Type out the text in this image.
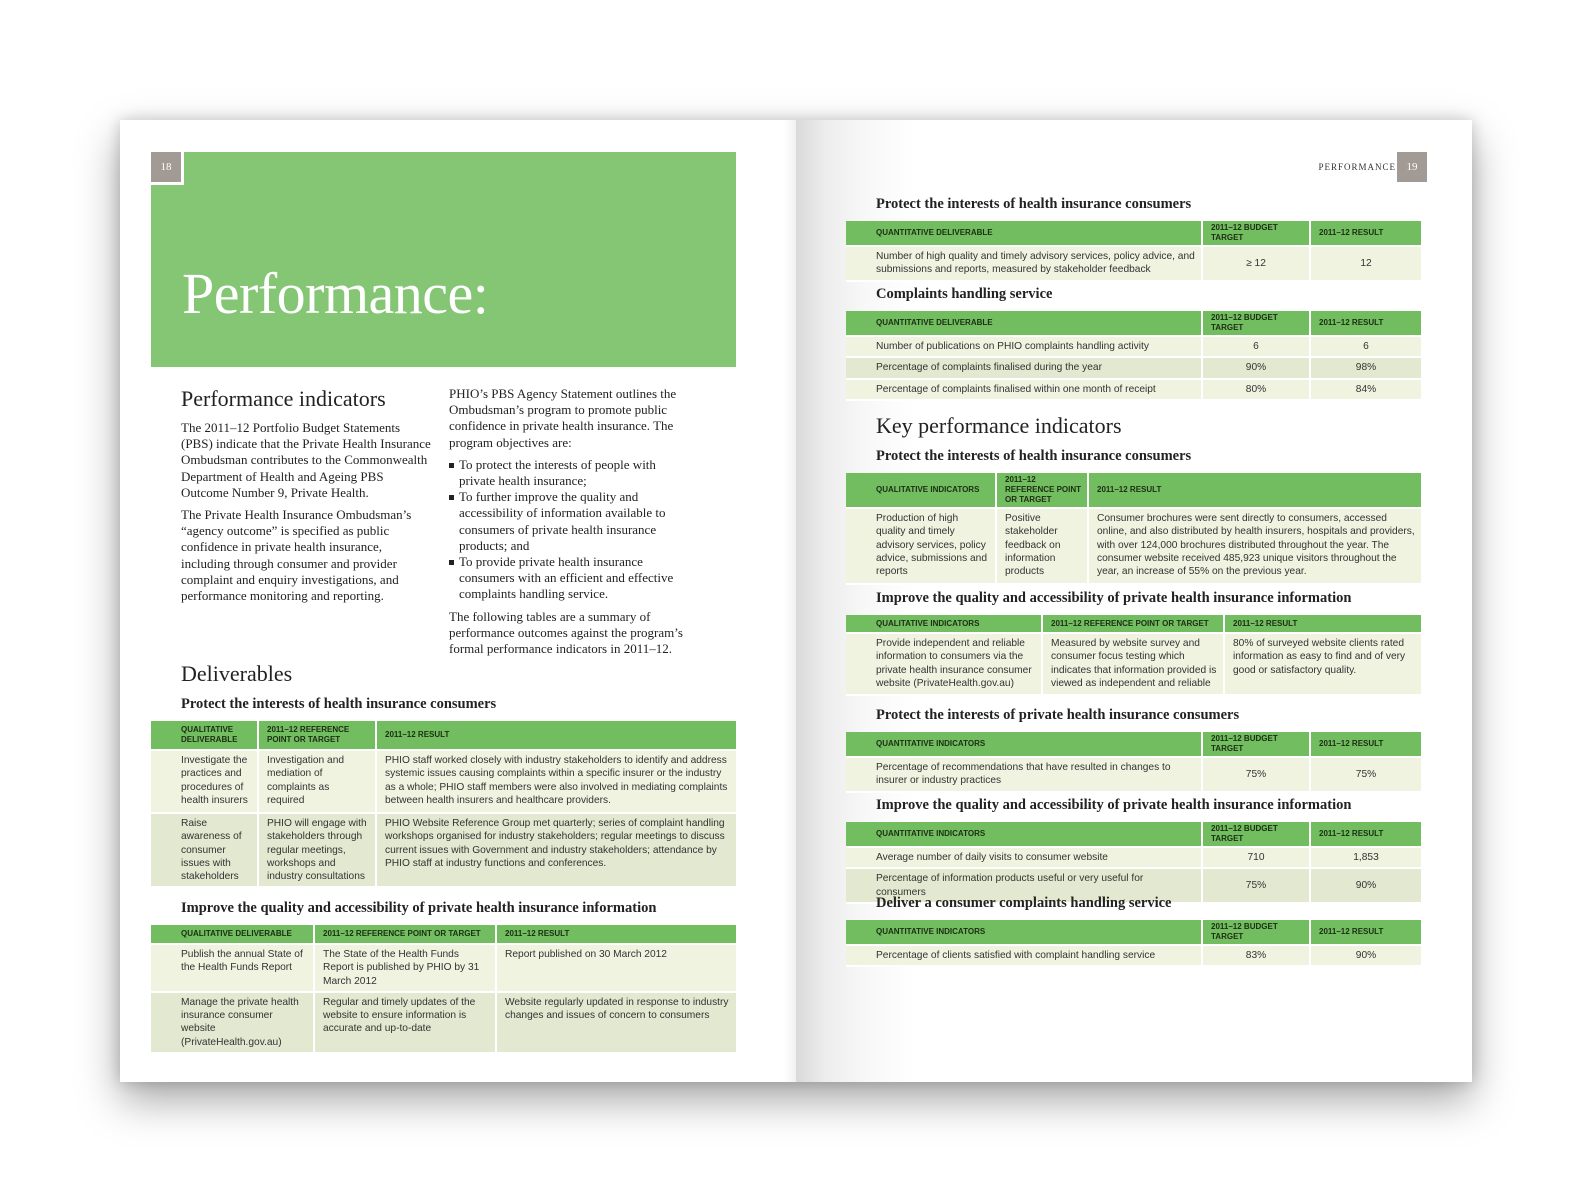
18
Performance:
Performance indicators

The 2011–12 Portfolio Budget Statements (PBS) indicate that the Private Health Insurance Ombudsman contributes to the Commonwealth Department of Health and Ageing PBS Outcome Number 9, Private Health.

The Private Health Insurance Ombudsman’s “agency outcome” is specified as public confidence in private health insurance, including through consumer and provider complaint and enquiry investigations, and performance monitoring and reporting.

PHIO’s PBS Agency Statement outlines the Ombudsman’s program to promote public confidence in private health insurance. The program objectives are:

To protect the interests of people with private health insurance;
To further improve the quality and accessibility of information available to consumers of private health insurance products; and
To provide private health insurance consumers with an efficient and effective complaints handling service.

The following tables are a summary of performance outcomes against the program’s formal performance indicators in 2011–12.

Deliverables
Protect the interests of health insurance consumers
QUALITATIVE DELIVERABLE	2011–12 REFERENCE POINT OR TARGET	2011–12 RESULT
Investigate the practices and procedures of health insurers	Investigation and mediation of complaints as required	PHIO staff worked closely with industry stakeholders to identify and address systemic issues causing complaints within a specific insurer or the industry as a whole; PHIO staff members were also involved in mediating complaints between health insurers and healthcare providers.
Raise awareness of consumer issues with stakeholders	PHIO will engage with stakeholders through regular meetings, workshops and industry consultations	PHIO Website Reference Group met quarterly; series of complaint handling workshops organised for industry stakeholders; regular meetings to discuss current issues with Government and industry stakeholders; attendance by PHIO staff at industry functions and conferences.
Improve the quality and accessibility of private health insurance information
QUALITATIVE DELIVERABLE	2011–12 REFERENCE POINT OR TARGET	2011–12 RESULT
Publish the annual State of the Health Funds Report	The State of the Health Funds Report is published by PHIO by 31 March 2012	Report published on 30 March 2012
Manage the private health insurance consumer website (PrivateHealth.gov.au)	Regular and timely updates of the website to ensure information is accurate and up-to-date	Website regularly updated in response to industry changes and issues of concern to consumers
PERFORMANCE 19
Protect the interests of health insurance consumers
QUANTITATIVE DELIVERABLE	2011–12 BUDGET TARGET	2011–12 RESULT
Number of high quality and timely advisory services, policy advice, and submissions and reports, measured by stakeholder feedback	≥ 12	12
Complaints handling service
QUANTITATIVE DELIVERABLE	2011–12 BUDGET TARGET	2011–12 RESULT
Number of publications on PHIO complaints handling activity	6	6
Percentage of complaints finalised during the year	90%	98%
Percentage of complaints finalised within one month of receipt	80%	84%
Key performance indicators
Protect the interests of health insurance consumers
QUALITATIVE INDICATORS	2011–12 REFERENCE POINT OR TARGET	2011–12 RESULT
Production of high quality and timely advisory services, policy advice, submissions and reports	Positive stakeholder feedback on information products	Consumer brochures were sent directly to consumers, accessed online, and also distributed by health insurers, hospitals and providers, with over 124,000 brochures distributed throughout the year. The consumer website received 485,923 unique visitors throughout the year, an increase of 55% on the previous year.
Improve the quality and accessibility of private health insurance information
QUALITATIVE INDICATORS	2011–12 REFERENCE POINT OR TARGET	2011–12 RESULT
Provide independent and reliable information to consumers via the private health insurance consumer website (PrivateHealth.gov.au)	Measured by website survey and consumer focus testing which indicates that information provided is viewed as independent and reliable	80% of surveyed website clients rated information as easy to find and of very good or satisfactory quality.
Protect the interests of private health insurance consumers
QUANTITATIVE INDICATORS	2011–12 BUDGET TARGET	2011–12 RESULT
Percentage of recommendations that have resulted in changes to insurer or industry practices	75%	75%
Improve the quality and accessibility of private health insurance information
QUANTITATIVE INDICATORS	2011–12 BUDGET TARGET	2011–12 RESULT
Average number of daily visits to consumer website	710	1,853
Percentage of information products useful or very useful for consumers	75%	90%
Deliver a consumer complaints handling service
QUANTITATIVE INDICATORS	2011–12 BUDGET TARGET	2011–12 RESULT
Percentage of clients satisfied with complaint handling service	83%	90%
